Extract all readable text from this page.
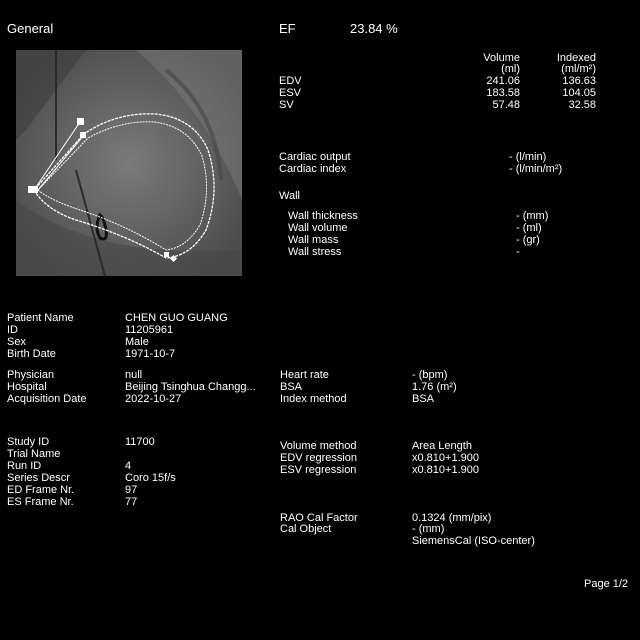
General	EF	23.84 %
Volume
(ml)
Indexed
(ml/m²)
EDV	241.06	136.63
ESV	183.58	104.05
SV	57.48	32.58
Cardiac output	- (l/min)
Cardiac index	- (l/min/m²)
Wall
Wall thickness	- (mm)
Wall volume	- (ml)
Wall mass	- (gr)
Wall stress	-
Patient Name	CHEN GUO GUANG
ID	11205961
Sex	Male
Birth Date	1971-10-7
Physician	null
Hospital	Beijing Tsinghua Changg...
Acquisition Date	2022-10-27
Heart rate	- (bpm)
BSA	1.76 (m²)
Index method	BSA
Study ID	11700
Trial Name
Run ID	4
Series Descr	Coro 15f/s
ED Frame Nr.	97
ES Frame Nr.	77
Volume method	Area Length
EDV regression	x0.810+1.900
ESV regression	x0.810+1.900
RAO Cal Factor	0.1324 (mm/pix)
Cal Object	- (mm)
SiemensCal (ISO-center)
Page 1/2
